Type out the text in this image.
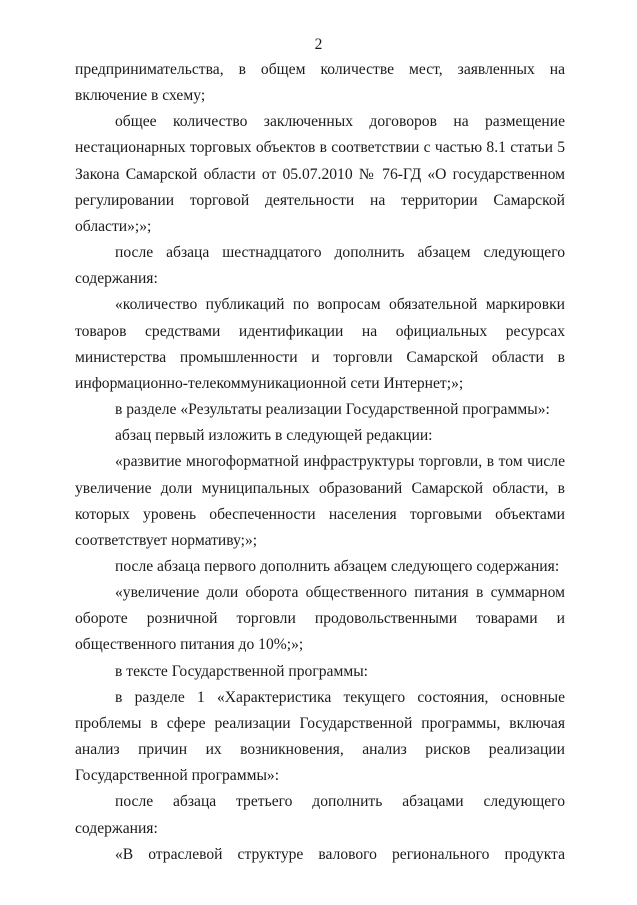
2

предпринимательства, в общем количестве мест, заявленных на включение в схему;

общее количество заключенных договоров на размещение нестационарных торговых объектов в соответствии с частью 8.1 статьи 5 Закона Самарской области от 05.07.2010 № 76-ГД «О государственном регулировании торговой деятельности на территории Самарской области»;»;

после абзаца шестнадцатого дополнить абзацем следующего содержания:

«количество публикаций по вопросам обязательной маркировки товаров средствами идентификации на официальных ресурсах министерства промышленности и торговли Самарской области в информационно-телекоммуникационной сети Интернет;»;

в разделе «Результаты реализации Государственной программы»:

абзац первый изложить в следующей редакции:

«развитие многоформатной инфраструктуры торговли, в том числе увеличение доли муниципальных образований Самарской области, в которых уровень обеспеченности населения торговыми объектами соответствует нормативу;»;

после абзаца первого дополнить абзацем следующего содержания:

«увеличение доли оборота общественного питания в суммарном обороте розничной торговли продовольственными товарами и общественного питания до 10%;»;

в тексте Государственной программы:

в разделе 1 «Характеристика текущего состояния, основные проблемы в сфере реализации Государственной программы, включая анализ причин их возникновения, анализ рисков реализации Государственной программы»:

после абзаца третьего дополнить абзацами следующего содержания:

«В отраслевой структуре валового регионального продукта
